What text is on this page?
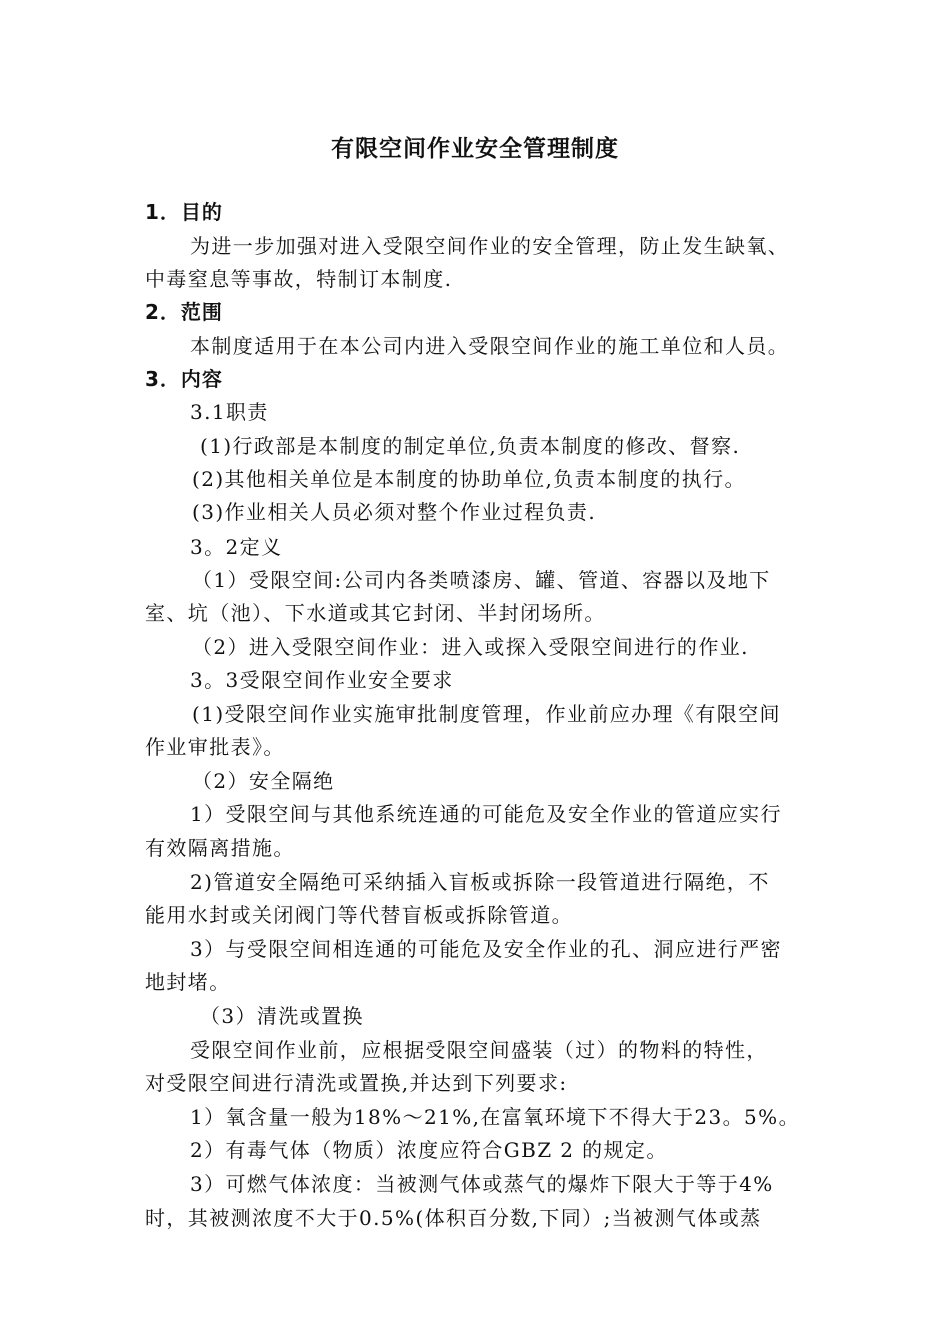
有限空间作业安全管理制度
1．目的
为进一步加强对进入受限空间作业的安全管理，防止发生缺氧、
中毒窒息等事故，特制订本制度.
2．范围
本制度适用于在本公司内进入受限空间作业的施工单位和人员。
3．内容
3.1职责
(1)行政部是本制度的制定单位,负责本制度的修改、督察.
(2)其他相关单位是本制度的协助单位,负责本制度的执行。
(3)作业相关人员必须对整个作业过程负责.
3。2定义
（1）受限空间:公司内各类喷漆房、罐、管道、容器以及地下
室、坑（池）、下水道或其它封闭、半封闭场所。
（2）进入受限空间作业：进入或探入受限空间进行的作业.
3。3受限空间作业安全要求
(1)受限空间作业实施审批制度管理，作业前应办理《有限空间
作业审批表》。
（2）安全隔绝
1）受限空间与其他系统连通的可能危及安全作业的管道应实行
有效隔离措施。
2)管道安全隔绝可采纳插入盲板或拆除一段管道进行隔绝，不
能用水封或关闭阀门等代替盲板或拆除管道。
3）与受限空间相连通的可能危及安全作业的孔、洞应进行严密
地封堵。
（3）清洗或置换
受限空间作业前，应根据受限空间盛装（过）的物料的特性，
对受限空间进行清洗或置换,并达到下列要求:
1）氧含量一般为18%～21%,在富氧环境下不得大于23。5%。
2）有毒气体（物质）浓度应符合GBZ 2 的规定。
3）可燃气体浓度：当被测气体或蒸气的爆炸下限大于等于4%
时，其被测浓度不大于0.5%(体积百分数,下同）;当被测气体或蒸
